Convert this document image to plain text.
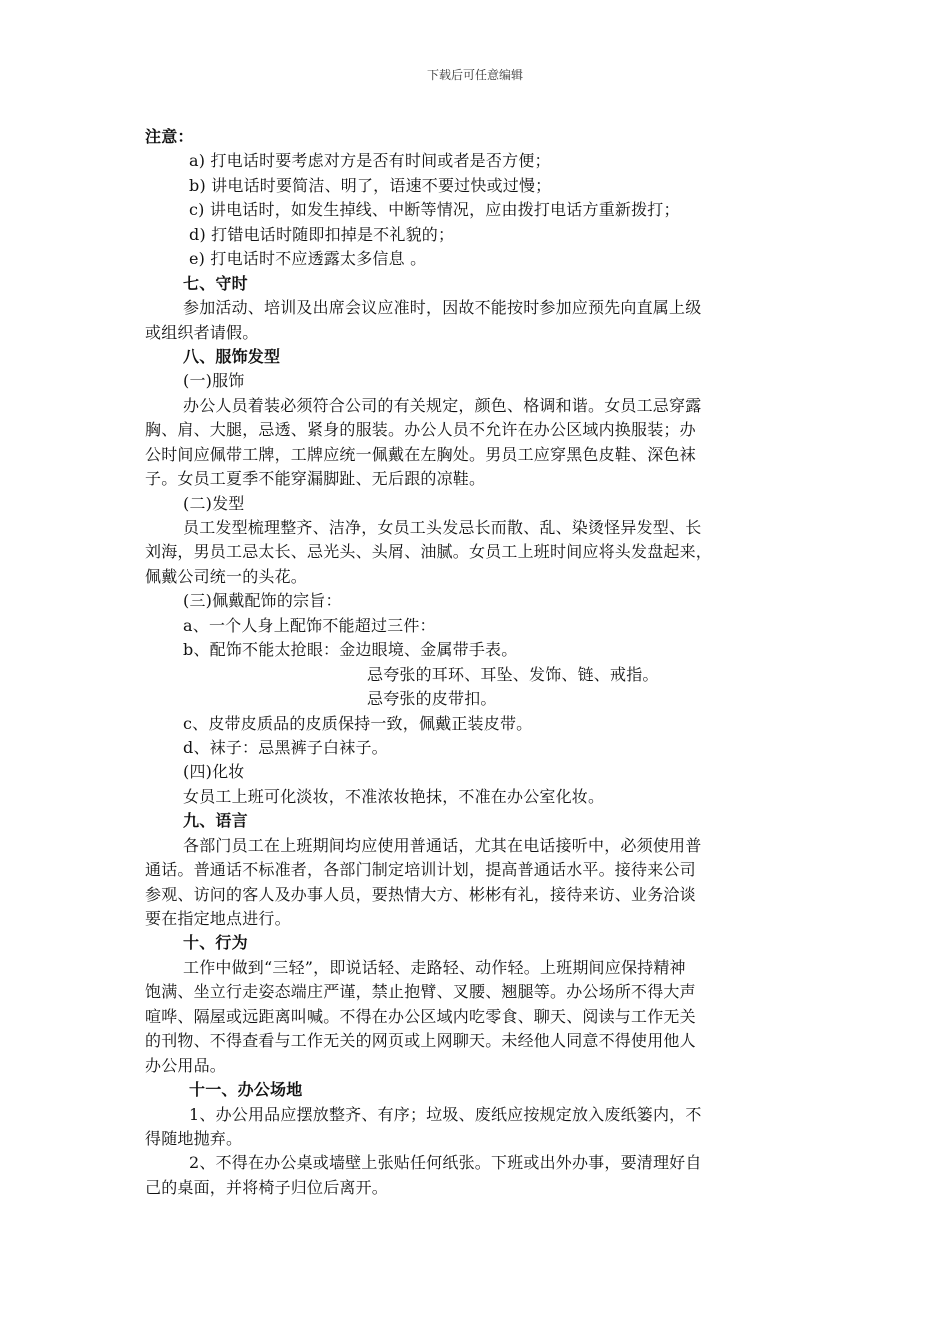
下载后可任意编辑
注意：
a) 打电话时要考虑对方是否有时间或者是否方便；
b) 讲电话时要简洁、明了，语速不要过快或过慢；
c) 讲电话时，如发生掉线、中断等情况，应由拨打电话方重新拨打；
d) 打错电话时随即扣掉是不礼貌的；
e) 打电话时不应透露太多信息 。
七、守时
参加活动、培训及出席会议应准时，因故不能按时参加应预先向直属上级
或组织者请假。
八、服饰发型
(一)服饰
办公人员着装必须符合公司的有关规定，颜色、格调和谐。女员工忌穿露
胸、肩、大腿，忌透、紧身的服装。办公人员不允许在办公区域内换服装；办
公时间应佩带工牌，工牌应统一佩戴在左胸处。男员工应穿黑色皮鞋、深色袜
子。女员工夏季不能穿漏脚趾、无后跟的凉鞋。
(二)发型
员工发型梳理整齐、洁净，女员工头发忌长而散、乱、染烫怪异发型、长
刘海，男员工忌太长、忌光头、头屑、油腻。女员工上班时间应将头发盘起来，
佩戴公司统一的头花。
(三)佩戴配饰的宗旨：
a、一个人身上配饰不能超过三件：
b、配饰不能太抢眼：金边眼境、金属带手表。
忌夸张的耳环、耳坠、发饰、链、戒指。
忌夸张的皮带扣。
c、皮带皮质品的皮质保持一致，佩戴正装皮带。
d、袜子：忌黑裤子白袜子。
(四)化妆
女员工上班可化淡妆，不准浓妆艳抹，不准在办公室化妆。
九、语言
各部门员工在上班期间均应使用普通话，尤其在电话接听中，必须使用普
通话。普通话不标准者，各部门制定培训计划，提高普通话水平。接待来公司
参观、访问的客人及办事人员，要热情大方、彬彬有礼，接待来访、业务洽谈
要在指定地点进行。
十、行为
工作中做到“三轻”，即说话轻、走路轻、动作轻。上班期间应保持精神
饱满、坐立行走姿态端庄严谨，禁止抱臂、叉腰、翘腿等。办公场所不得大声
喧哗、隔屋或远距离叫喊。不得在办公区域内吃零食、聊天、阅读与工作无关
的刊物、不得查看与工作无关的网页或上网聊天。未经他人同意不得使用他人
办公用品。
十一、办公场地
1、办公用品应摆放整齐、有序；垃圾、废纸应按规定放入废纸篓内，不
得随地抛弃。
2、不得在办公桌或墙壁上张贴任何纸张。下班或出外办事，要清理好自
己的桌面，并将椅子归位后离开。
